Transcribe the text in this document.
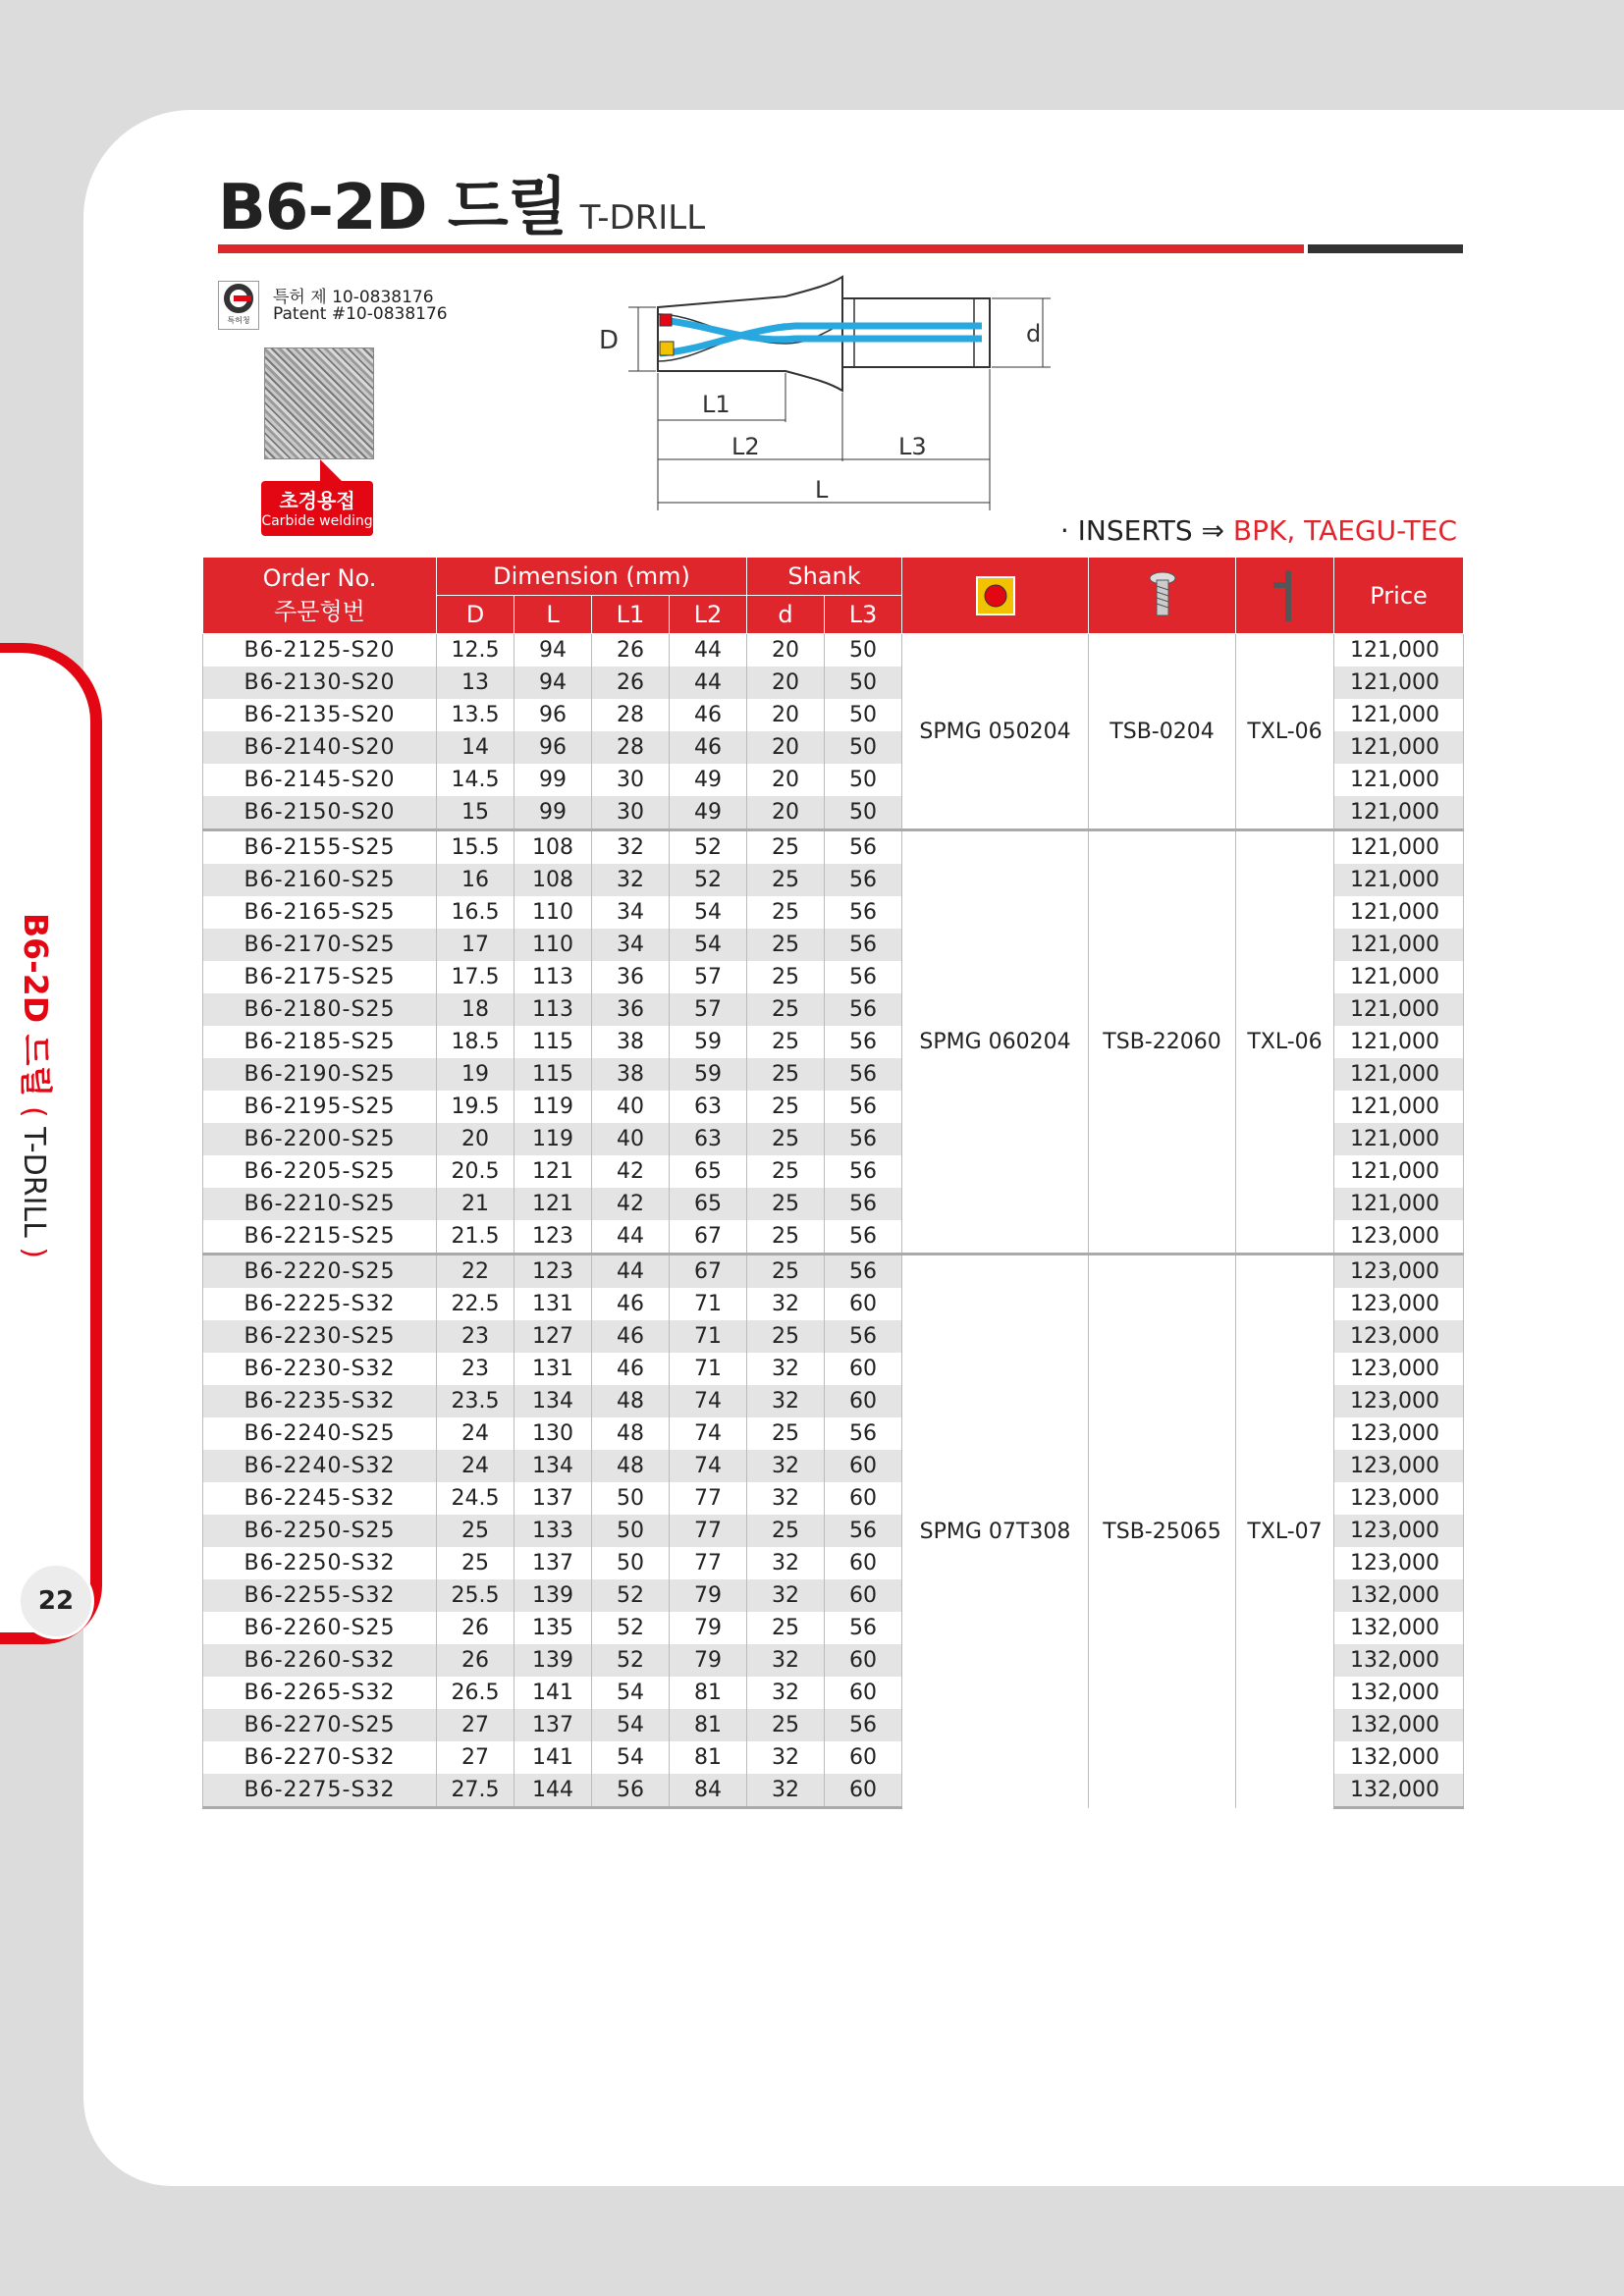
B6-2D 드릴 ( T-DRILL )
22
B6-2D 드릴 T-DRILL
특허청
특허 제 10-0838176
Patent #10-0838176
초경용접
Carbide welding
D	d
L1
L2	L3
L
· INSERTS ⇒ BPK, TAEGU-TEC
Order No.
주문형번	Dimension (mm)				Shank					Price
	D	L	L1	L2	d	L3				
B6-2125-S20	12.5	94	26	44	20	50	SPMG 050204	TSB-0204	TXL-06	121,000
B6-2130-S20	13	94	26	44	20	50				121,000
B6-2135-S20	13.5	96	28	46	20	50				121,000
B6-2140-S20	14	96	28	46	20	50				121,000
B6-2145-S20	14.5	99	30	49	20	50				121,000
B6-2150-S20	15	99	30	49	20	50				121,000
B6-2155-S25	15.5	108	32	52	25	56	SPMG 060204	TSB-22060	TXL-06	121,000
B6-2160-S25	16	108	32	52	25	56				121,000
B6-2165-S25	16.5	110	34	54	25	56				121,000
B6-2170-S25	17	110	34	54	25	56				121,000
B6-2175-S25	17.5	113	36	57	25	56				121,000
B6-2180-S25	18	113	36	57	25	56				121,000
B6-2185-S25	18.5	115	38	59	25	56				121,000
B6-2190-S25	19	115	38	59	25	56				121,000
B6-2195-S25	19.5	119	40	63	25	56				121,000
B6-2200-S25	20	119	40	63	25	56				121,000
B6-2205-S25	20.5	121	42	65	25	56				121,000
B6-2210-S25	21	121	42	65	25	56				121,000
B6-2215-S25	21.5	123	44	67	25	56				123,000
B6-2220-S25	22	123	44	67	25	56	SPMG 07T308	TSB-25065	TXL-07	123,000
B6-2225-S32	22.5	131	46	71	32	60				123,000
B6-2230-S25	23	127	46	71	25	56				123,000
B6-2230-S32	23	131	46	71	32	60				123,000
B6-2235-S32	23.5	134	48	74	32	60				123,000
B6-2240-S25	24	130	48	74	25	56				123,000
B6-2240-S32	24	134	48	74	32	60				123,000
B6-2245-S32	24.5	137	50	77	32	60				123,000
B6-2250-S25	25	133	50	77	25	56				123,000
B6-2250-S32	25	137	50	77	32	60				123,000
B6-2255-S32	25.5	139	52	79	32	60				132,000
B6-2260-S25	26	135	52	79	25	56				132,000
B6-2260-S32	26	139	52	79	32	60				132,000
B6-2265-S32	26.5	141	54	81	32	60				132,000
B6-2270-S25	27	137	54	81	25	56				132,000
B6-2270-S32	27	141	54	81	32	60				132,000
B6-2275-S32	27.5	144	56	84	32	60				132,000
